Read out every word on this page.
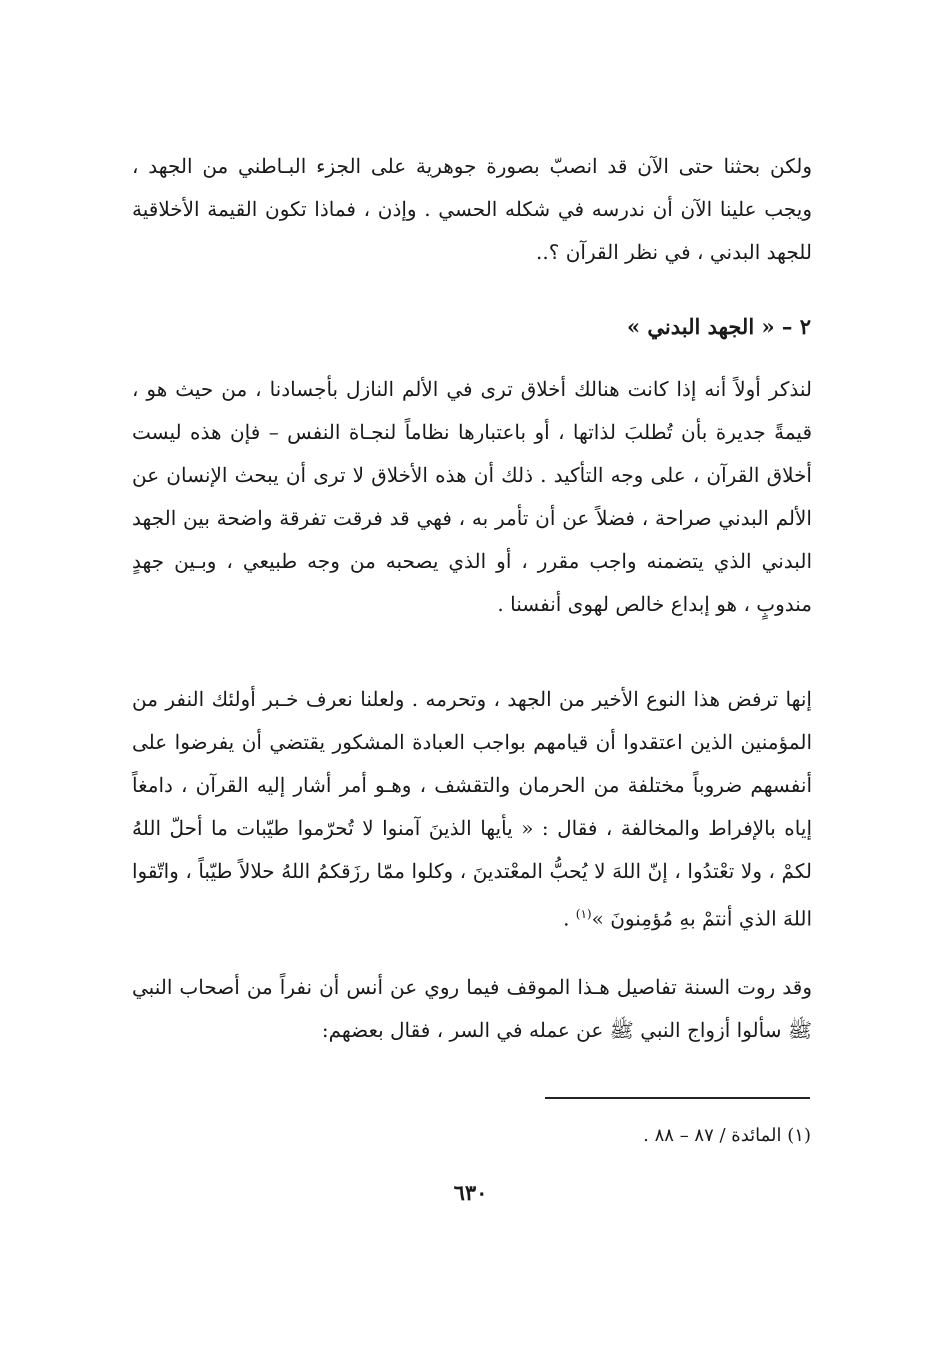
ولكن بحثنا حتى الآن قد انصبّ بصورة جوهرية على الجزء البـاطني من الجهد ، ويجب علينا الآن أن ندرسه في شكله الحسي . وإذن ، فماذا تكون القيمة الأخلاقية للجهد البدني ، في نظر القرآن ؟..

٢ – « الجهد البدني »

لنذكر أولاً أنه إذا كانت هنالك أخلاق ترى في الألم النازل بأجسادنا ، من حيث هو ، قيمةً جديرة بأن تُطلبَ لذاتها ، أو باعتبارها نظاماً لنجـاة النفس – فإن هذه ليست أخلاق القرآن ، على وجه التأكيد . ذلك أن هذه الأخلاق لا ترى أن يبحث الإنسان عن الألم البدني صراحة ، فضلاً عن أن تأمر به ، فهي قد فرقت تفرقة واضحة بين الجهد البدني الذي يتضمنه واجب مقرر ، أو الذي يصحبه من وجه طبيعي ، وبـين جهدٍ مندوبٍ ، هو إبداع خالص لهوى أنفسنا .

إنها ترفض هذا النوع الأخير من الجهد ، وتحرمه . ولعلنا نعرف خـبر أولئك النفر من المؤمنين الذين اعتقدوا أن قيامهم بواجب العبادة المشكور يقتضي أن يفرضوا على أنفسهم ضروباً مختلفة من الحرمان والتقشف ، وهـو أمر أشار إليه القرآن ، دامغاً إياه بالإفراط والمخالفة ، فقال : « يأيها الذينَ آمنوا لا تُحرّموا طيّبات ما أحلّ اللهُ لكمْ ، ولا تعْتدُوا ، إنّ اللهَ لا يُحبُّ المعْتدينَ ، وكلوا ممّا رزَقكمُ اللهُ حلالاً طيّباً ، واتّقوا اللهَ الذي أنتمْ بهِ مُؤمِنونَ »$^{(١)}$ .

وقد روت السنة تفاصيل هـذا الموقف فيما روي عن أنس أن نفراً من أصحاب النبي ﷺ سألوا أزواج النبي ﷺ عن عمله في السر ، فقال بعضهم:

(١) المائدة / ٨٧ – ٨٨ .

٦٣٠
